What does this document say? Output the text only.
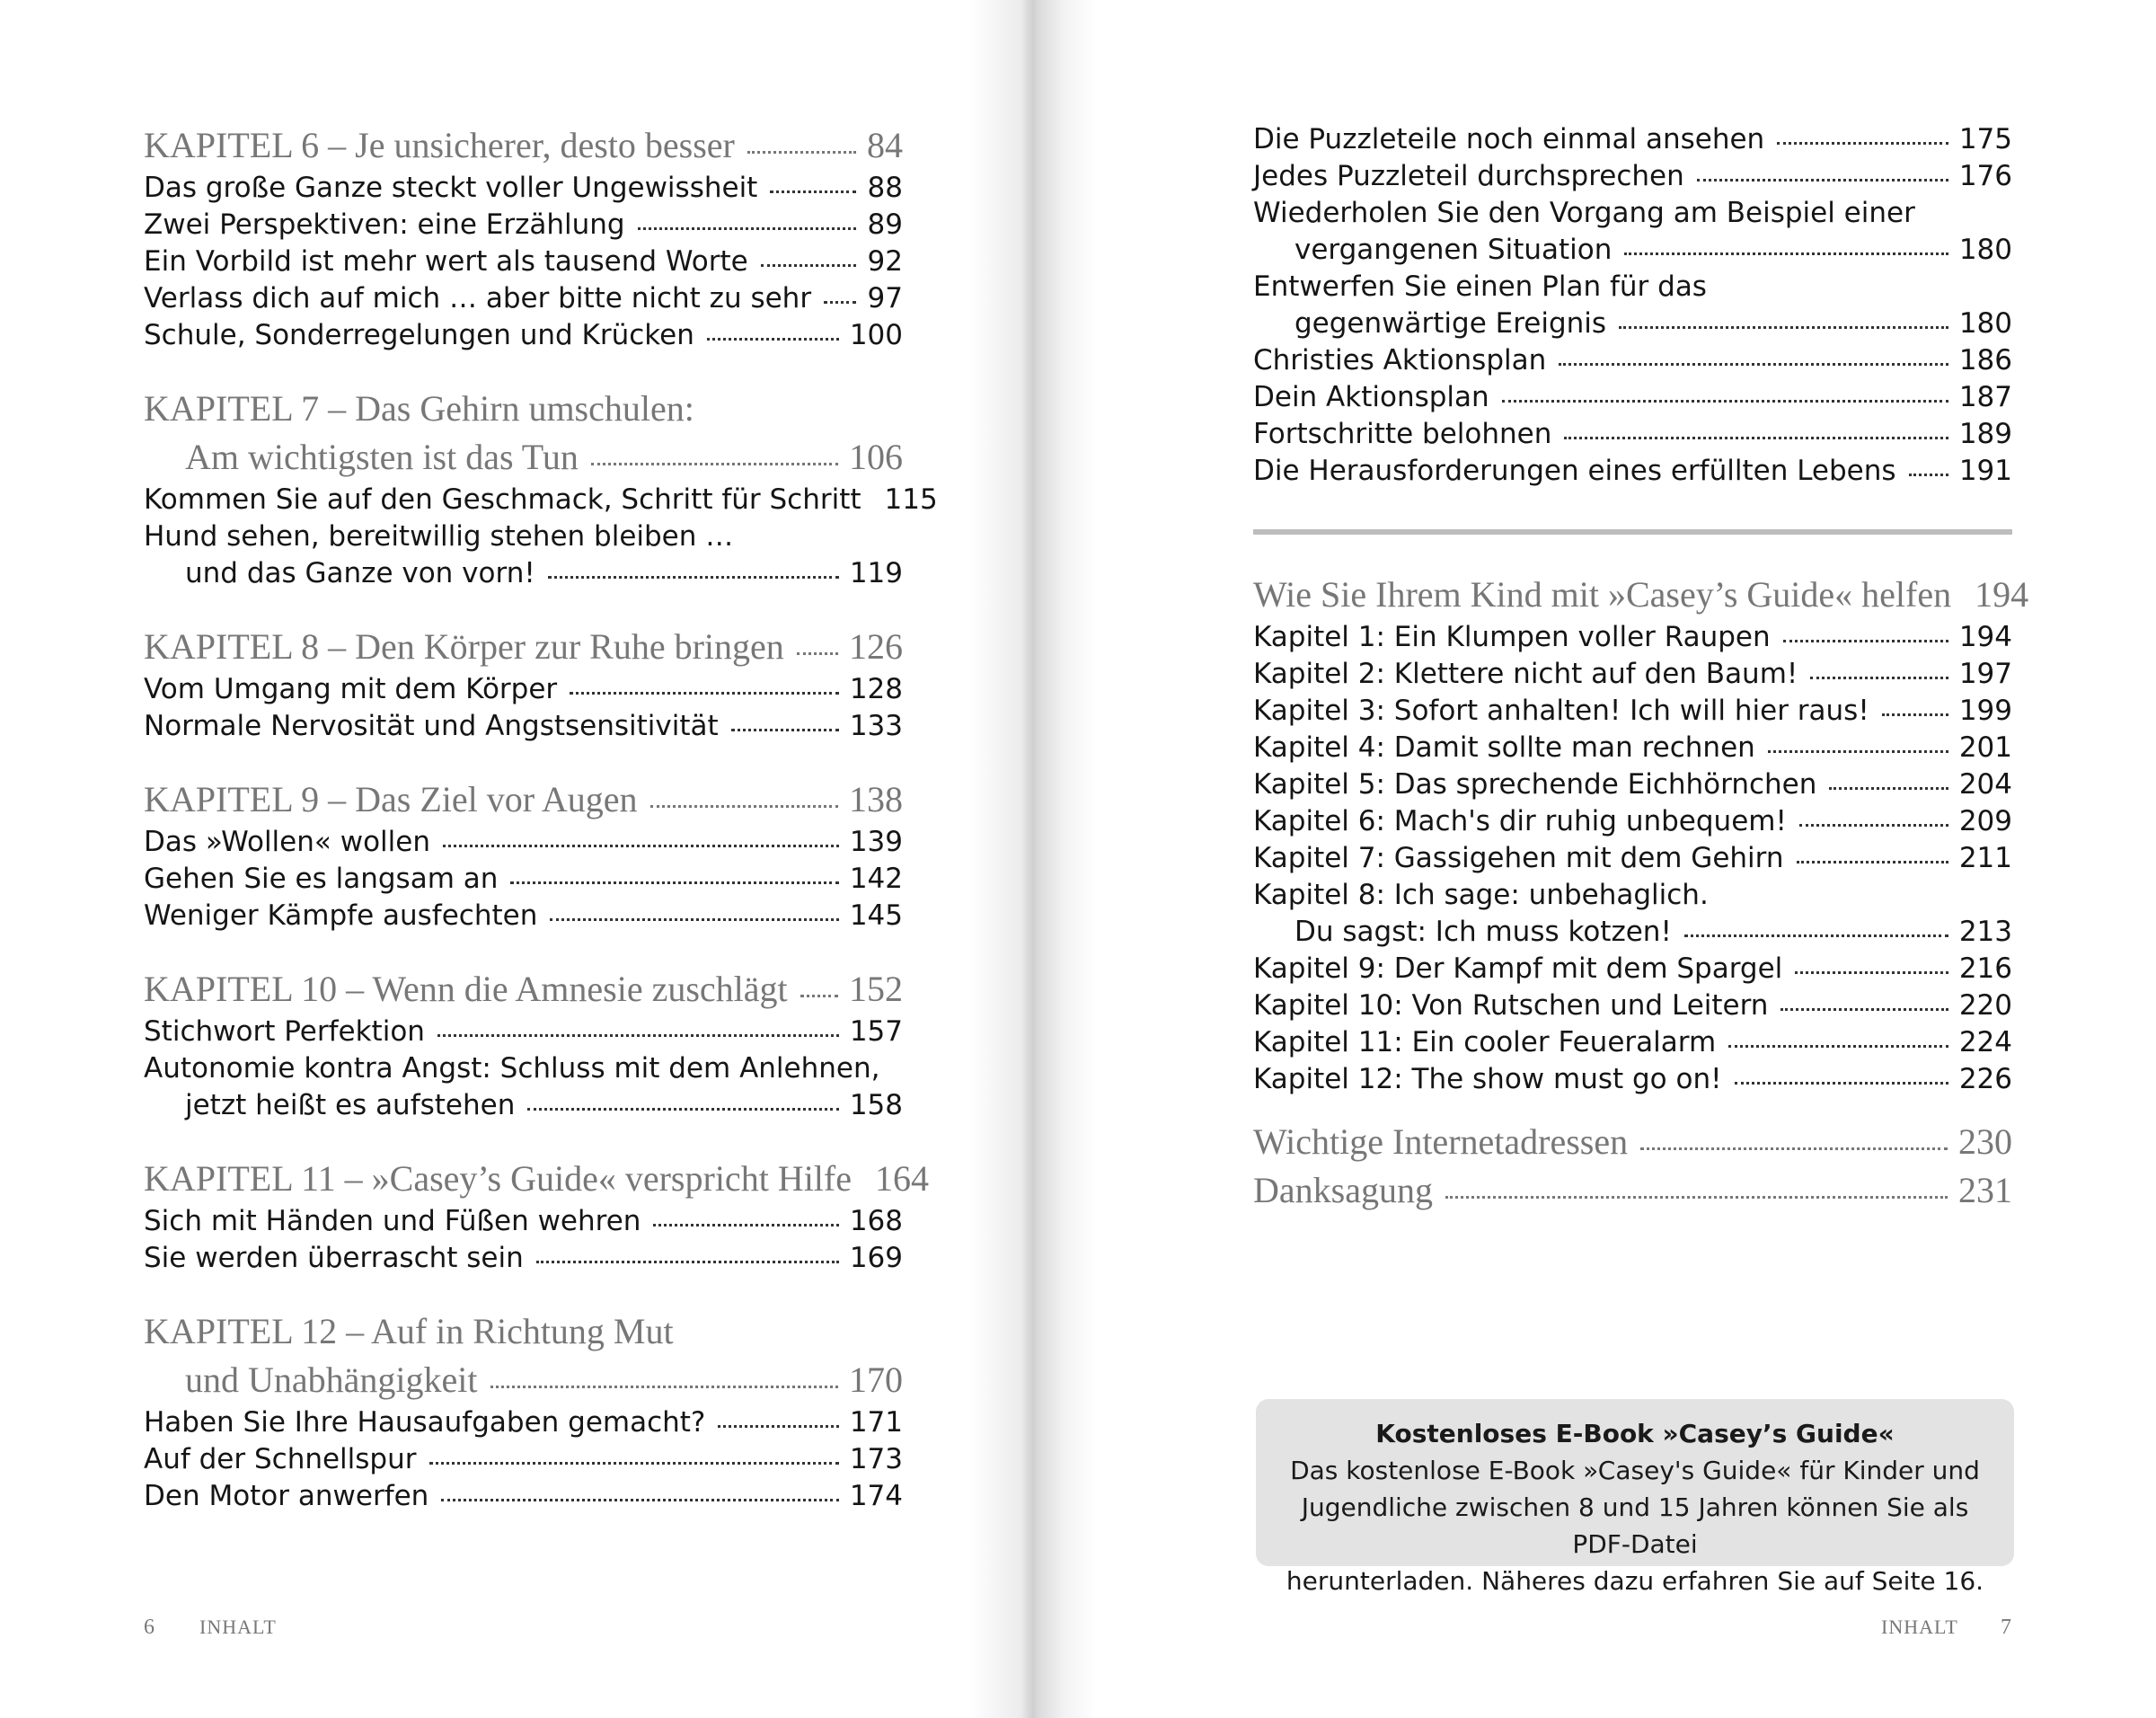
KAPITEL 6 – Je unsicherer, desto besser	84
Das große Ganze steckt voller Ungewissheit	88
Zwei Perspektiven: eine Erzählung	89
Ein Vorbild ist mehr wert als tausend Worte	92
Verlass dich auf mich … aber bitte nicht zu sehr 97
Schule, Sonderregelungen und Krücken	100
KAPITEL 7 – Das Gehirn umschulen:
Am wichtigsten ist das Tun	106
Kommen Sie auf den Geschmack, Schritt für Schritt 115
Hund sehen, bereitwillig stehen bleiben …
und das Ganze von vorn!	119
KAPITEL 8 – Den Körper zur Ruhe bringen 126
Vom Umgang mit dem Körper	128
Normale Nervosität und Angstsensitivität	133
KAPITEL 9 – Das Ziel vor Augen	138
Das »Wollen« wollen	139
Gehen Sie es langsam an	142
Weniger Kämpfe ausfechten	145
KAPITEL 10 – Wenn die Amnesie zuschlägt 152
Stichwort Perfektion	157
Autonomie kontra Angst: Schluss mit dem Anlehnen,
jetzt heißt es aufstehen	158
KAPITEL 11 – »Casey’s Guide« verspricht Hilfe 164
Sich mit Händen und Füßen wehren	168
Sie werden überrascht sein	169
KAPITEL 12 – Auf in Richtung Mut
und Unabhängigkeit	170
Haben Sie Ihre Hausaufgaben gemacht?	171
Auf der Schnellspur	173
Den Motor anwerfen	174
Die Puzzleteile noch einmal ansehen	175
Jedes Puzzleteil durchsprechen	176
Wiederholen Sie den Vorgang am Beispiel einer
vergangenen Situation	180
Entwerfen Sie einen Plan für das
gegenwärtige Ereignis	180
Christies Aktionsplan	186
Dein Aktionsplan	187
Fortschritte belohnen	189
Die Herausforderungen eines erfüllten Lebens 191
Wie Sie Ihrem Kind mit »Casey’s Guide« helfen 194
Kapitel 1: Ein Klumpen voller Raupen	194
Kapitel 2: Klettere nicht auf den Baum!	197
Kapitel 3: Sofort anhalten! Ich will hier raus!	199
Kapitel 4: Damit sollte man rechnen	201
Kapitel 5: Das sprechende Eichhörnchen	204
Kapitel 6: Mach's dir ruhig unbequem!	209
Kapitel 7: Gassigehen mit dem Gehirn	211
Kapitel 8: Ich sage: unbehaglich.
Du sagst: Ich muss kotzen!	213
Kapitel 9: Der Kampf mit dem Spargel	216
Kapitel 10: Von Rutschen und Leitern	220
Kapitel 11: Ein cooler Feueralarm	224
Kapitel 12: The show must go on!	226
Wichtige Internetadressen	230
Danksagung	231
Kostenloses E-Book »Casey’s Guide«
Das kostenlose E-Book »Casey's Guide« für Kinder und
Jugendliche zwischen 8 und 15 Jahren können Sie als PDF-Datei
herunterladen. Näheres dazu erfahren Sie auf Seite 16.
6 INHALT	INHALT 7
